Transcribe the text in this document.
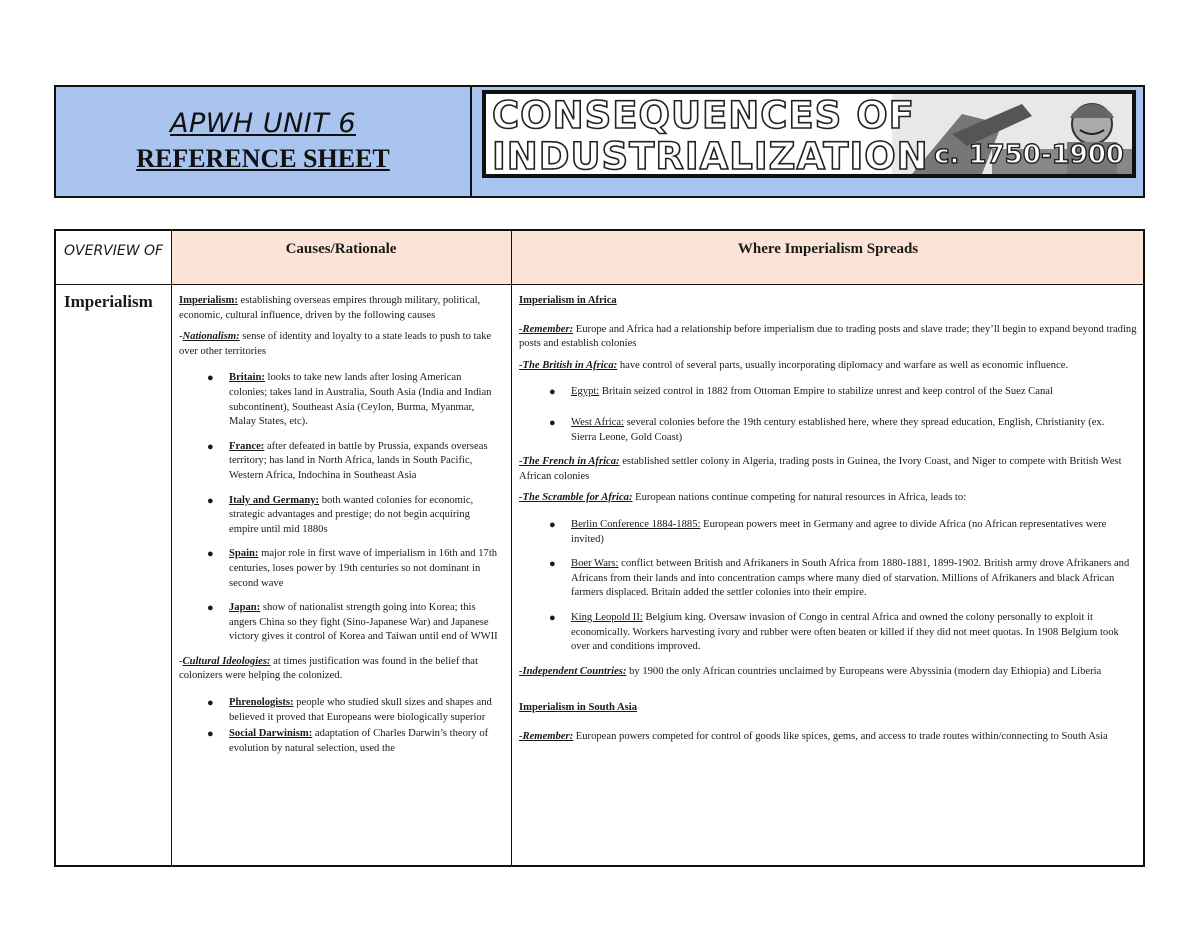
APWH UNIT 6
REFERENCE SHEET
CONSEQUENCES OF
INDUSTRIALIZATION c. 1750-1900
OVERVIEW OF	Causes/Rationale	Where Imperialism Spreads
Imperialism Imperialism: establishing overseas empires through military, political, economic, cultural influence, driven by the following causes

-Nationalism: sense of identity and loyalty to a state leads to push to take over other territories

● Britain: looks to take new lands after losing American colonies; takes land in Australia, South Asia (India and Indian subcontinent), Southeast Asia (Ceylon, Burma, Myanmar, Malay States, etc).
● France: after defeated in battle by Prussia, expands overseas territory; has land in North Africa, lands in South Pacific, Western Africa, Indochina in Southeast Asia
● Italy and Germany: both wanted colonies for economic, strategic advantages and prestige; do not begin acquiring empire until mid 1880s
● Spain: major role in first wave of imperialism in 16th and 17th centuries, loses power by 19th centuries so not dominant in second wave
● Japan: show of nationalist strength going into Korea; this angers China so they fight (Sino-Japanese War) and Japanese victory gives it control of Korea and Taiwan until end of WWII

-Cultural Ideologies: at times justification was found in the belief that colonizers were helping the colonized.

● Phrenologists: people who studied skull sizes and shapes and believed it proved that Europeans were biologically superior
● Social Darwinism: adaptation of Charles Darwin’s theory of evolution by natural selection, used the

Imperialism in Africa

-Remember: Europe and Africa had a relationship before imperialism due to trading posts and slave trade; they’ll begin to expand beyond trading posts and establish colonies

-The British in Africa: have control of several parts, usually incorporating diplomacy and warfare as well as economic influence.

● Egypt: Britain seized control in 1882 from Ottoman Empire to stabilize unrest and keep control of the Suez Canal
● West Africa: several colonies before the 19th century established here, where they spread education, English, Christianity (ex. Sierra Leone, Gold Coast)

-The French in Africa: established settler colony in Algeria, trading posts in Guinea, the Ivory Coast, and Niger to compete with British West African colonies

-The Scramble for Africa: European nations continue competing for natural resources in Africa, leads to:

● Berlin Conference 1884-1885: European powers meet in Germany and agree to divide Africa (no African representatives were invited)
● Boer Wars: conflict between British and Afrikaners in South Africa from 1880-1881, 1899-1902. British army drove Afrikaners and Africans from their lands and into concentration camps where many died of starvation. Millions of Afrikaners and black African farmers displaced. Britain added the settler colonies into their empire.
● King Leopold II: Belgium king. Oversaw invasion of Congo in central Africa and owned the colony personally to exploit it economically. Workers harvesting ivory and rubber were often beaten or killed if they did not meet quotas. In 1908 Belgium took over and conditions improved.

-Independent Countries: by 1900 the only African countries unclaimed by Europeans were Abyssinia (modern day Ethiopia) and Liberia

Imperialism in South Asia

-Remember: European powers competed for control of goods like spices, gems, and access to trade routes within/connecting to South Asia
